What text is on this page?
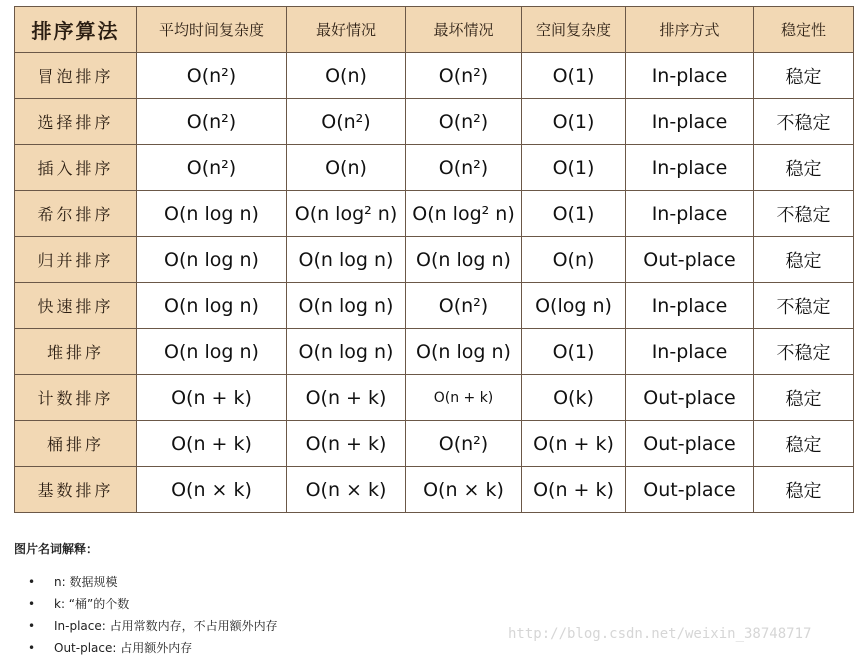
排序算法	平均时间复杂度	最好情况	最坏情况	空间复杂度	排序方式	稳定性
冒泡排序	O(n²)	O(n)	O(n²)	O(1)	In-place	稳定
选择排序	O(n²)	O(n²)	O(n²)	O(1)	In-place	不稳定
插入排序	O(n²)	O(n)	O(n²)	O(1)	In-place	稳定
希尔排序	O(n log n)	O(n log² n)	O(n log² n)	O(1)	In-place	不稳定
归并排序	O(n log n)	O(n log n)	O(n log n)	O(n)	Out-place	稳定
快速排序	O(n log n)	O(n log n)	O(n²)	O(log n)	In-place	不稳定
堆排序	O(n log n)	O(n log n)	O(n log n)	O(1)	In-place	不稳定
计数排序	O(n + k)	O(n + k)	O(n + k)	O(k)	Out-place	稳定
桶排序	O(n + k)	O(n + k)	O(n²)	O(n + k)	Out-place	稳定
基数排序	O(n × k)	O(n × k)	O(n × k)	O(n + k)	Out-place	稳定

图片名词解释：

• n: 数据规模
• k: “桶”的个数
• In-place: 占用常数内存，不占用额外内存
• Out-place: 占用额外内存
http://blog.csdn.net/weixin_38748717
